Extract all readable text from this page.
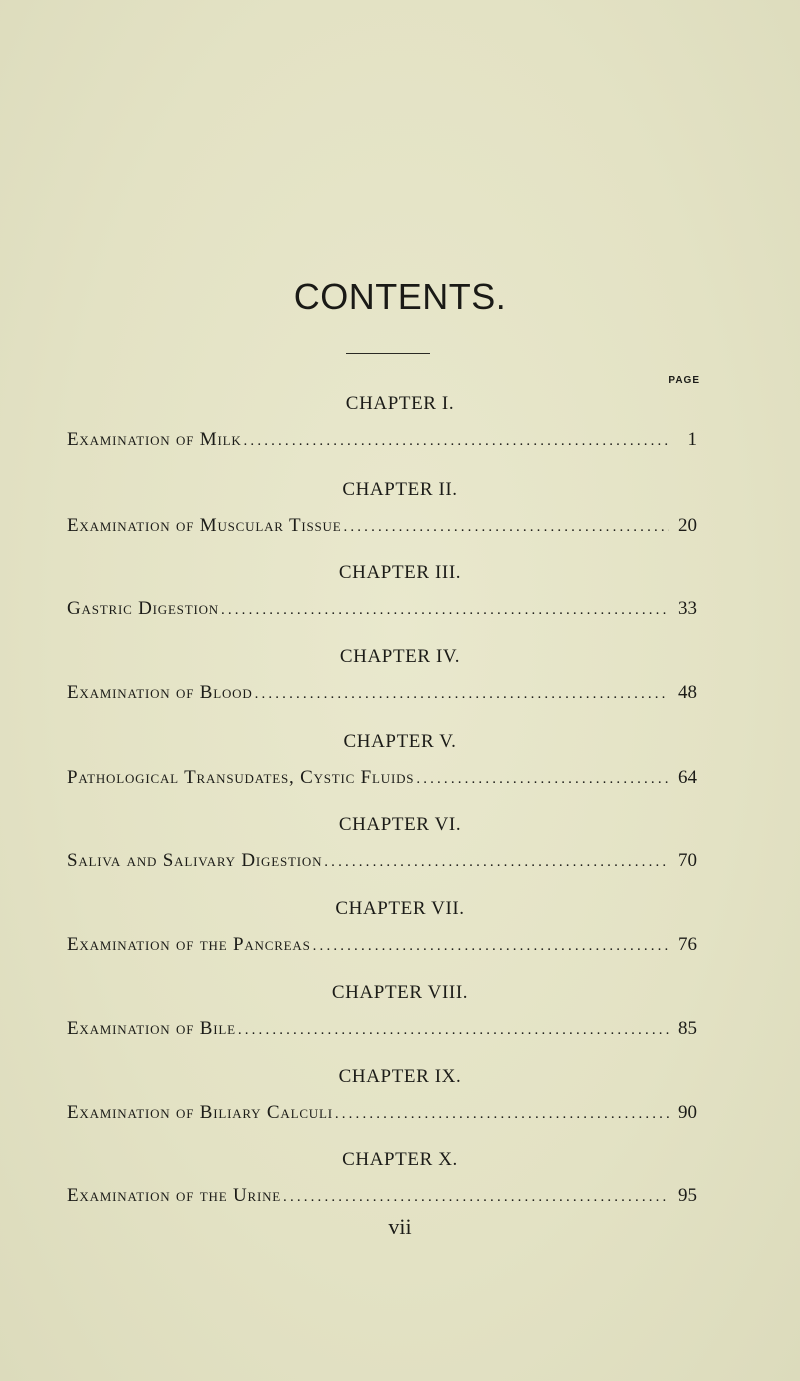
CONTENTS.
PAGE
CHAPTER I.
Examination of Milk . . .	1
CHAPTER II.
Examination of Muscular Tissue . . .	20
CHAPTER III.
Gastric Digestion . . .	33
CHAPTER IV.
Examination of Blood . . .	48
CHAPTER V.
Pathological Transudates, Cystic Fluids . . .	64
CHAPTER VI.
Saliva and Salivary Digestion . . .	70
CHAPTER VII.
Examination of the Pancreas . . .	76
CHAPTER VIII.
Examination of Bile . . .	85
CHAPTER IX.
Examination of Biliary Calculi . . .	90
CHAPTER X.
Examination of the Urine . . .	95
vii
